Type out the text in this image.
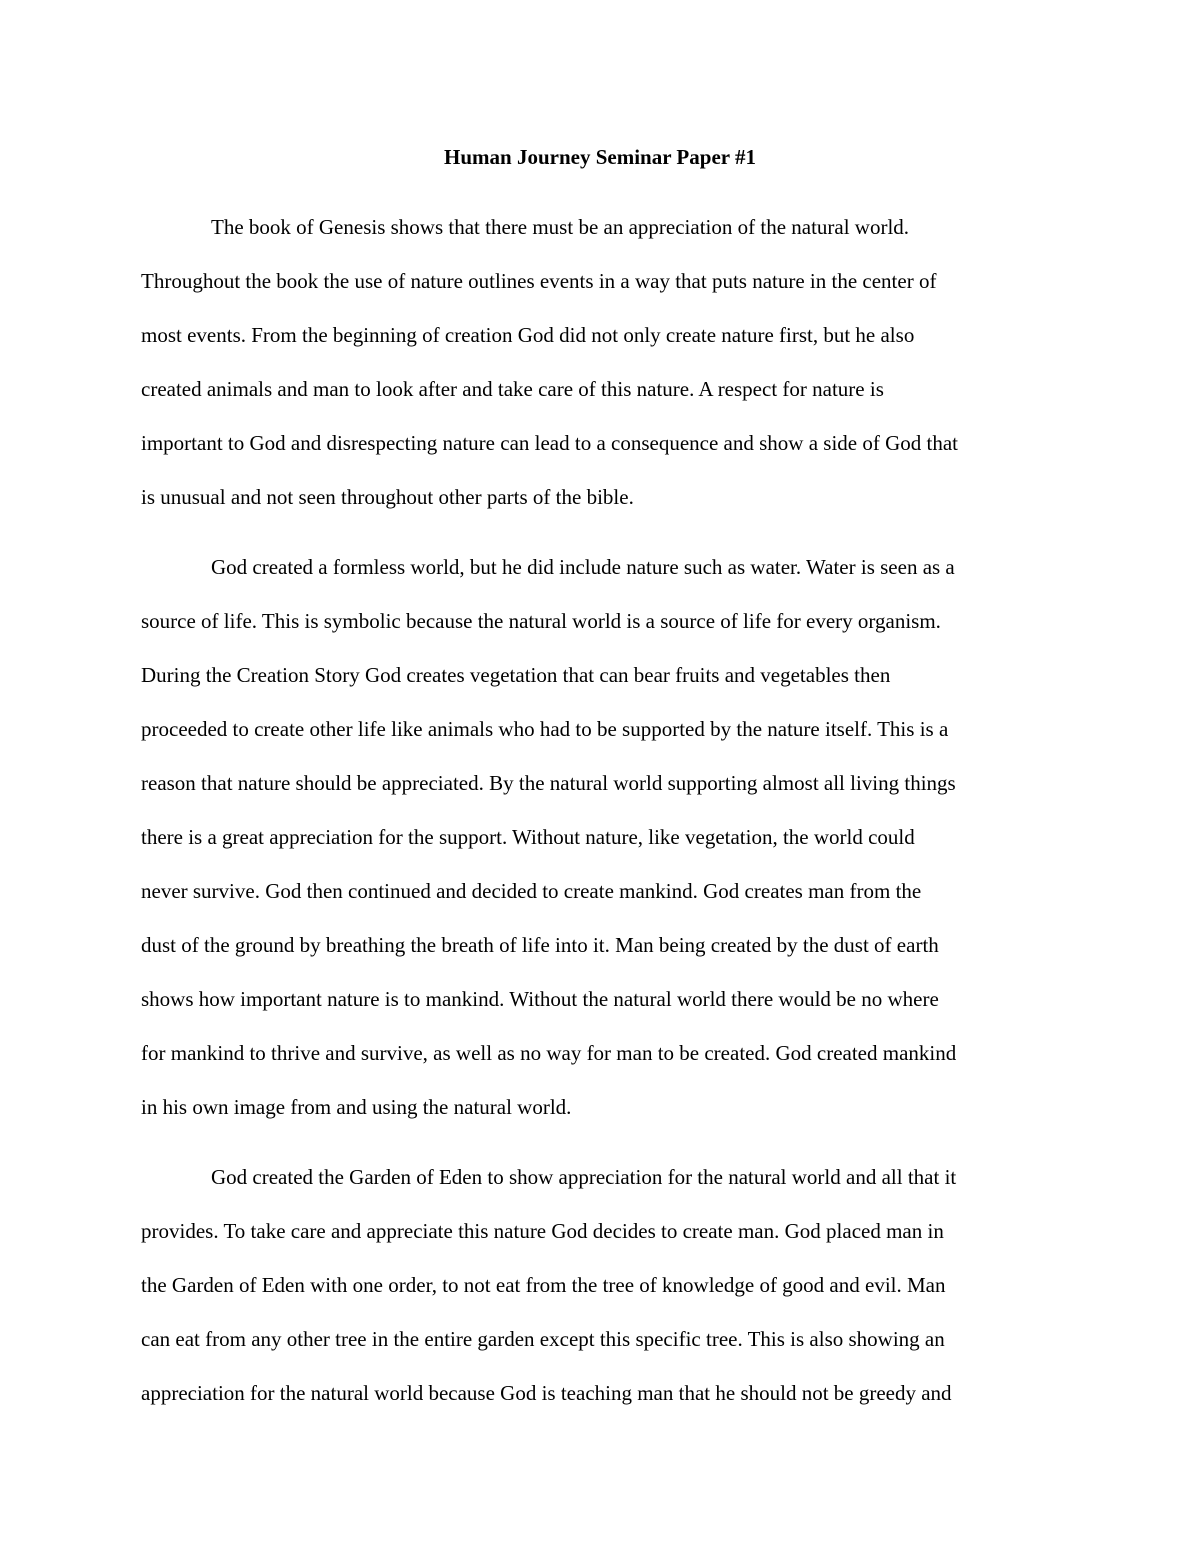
Human Journey Seminar Paper #1

The book of Genesis shows that there must be an appreciation of the natural world.

Throughout the book the use of nature outlines events in a way that puts nature in the center of

most events. From the beginning of creation God did not only create nature first, but he also

created animals and man to look after and take care of this nature. A respect for nature is

important to God and disrespecting nature can lead to a consequence and show a side of God that

is unusual and not seen throughout other parts of the bible.

God created a formless world, but he did include nature such as water. Water is seen as a

source of life. This is symbolic because the natural world is a source of life for every organism.

During the Creation Story God creates vegetation that can bear fruits and vegetables then

proceeded to create other life like animals who had to be supported by the nature itself. This is a

reason that nature should be appreciated. By the natural world supporting almost all living things

there is a great appreciation for the support. Without nature, like vegetation, the world could

never survive. God then continued and decided to create mankind. God creates man from the

dust of the ground by breathing the breath of life into it. Man being created by the dust of earth

shows how important nature is to mankind. Without the natural world there would be no where

for mankind to thrive and survive, as well as no way for man to be created. God created mankind

in his own image from and using the natural world.

God created the Garden of Eden to show appreciation for the natural world and all that it

provides. To take care and appreciate this nature God decides to create man. God placed man in

the Garden of Eden with one order, to not eat from the tree of knowledge of good and evil. Man

can eat from any other tree in the entire garden except this specific tree. This is also showing an

appreciation for the natural world because God is teaching man that he should not be greedy and
